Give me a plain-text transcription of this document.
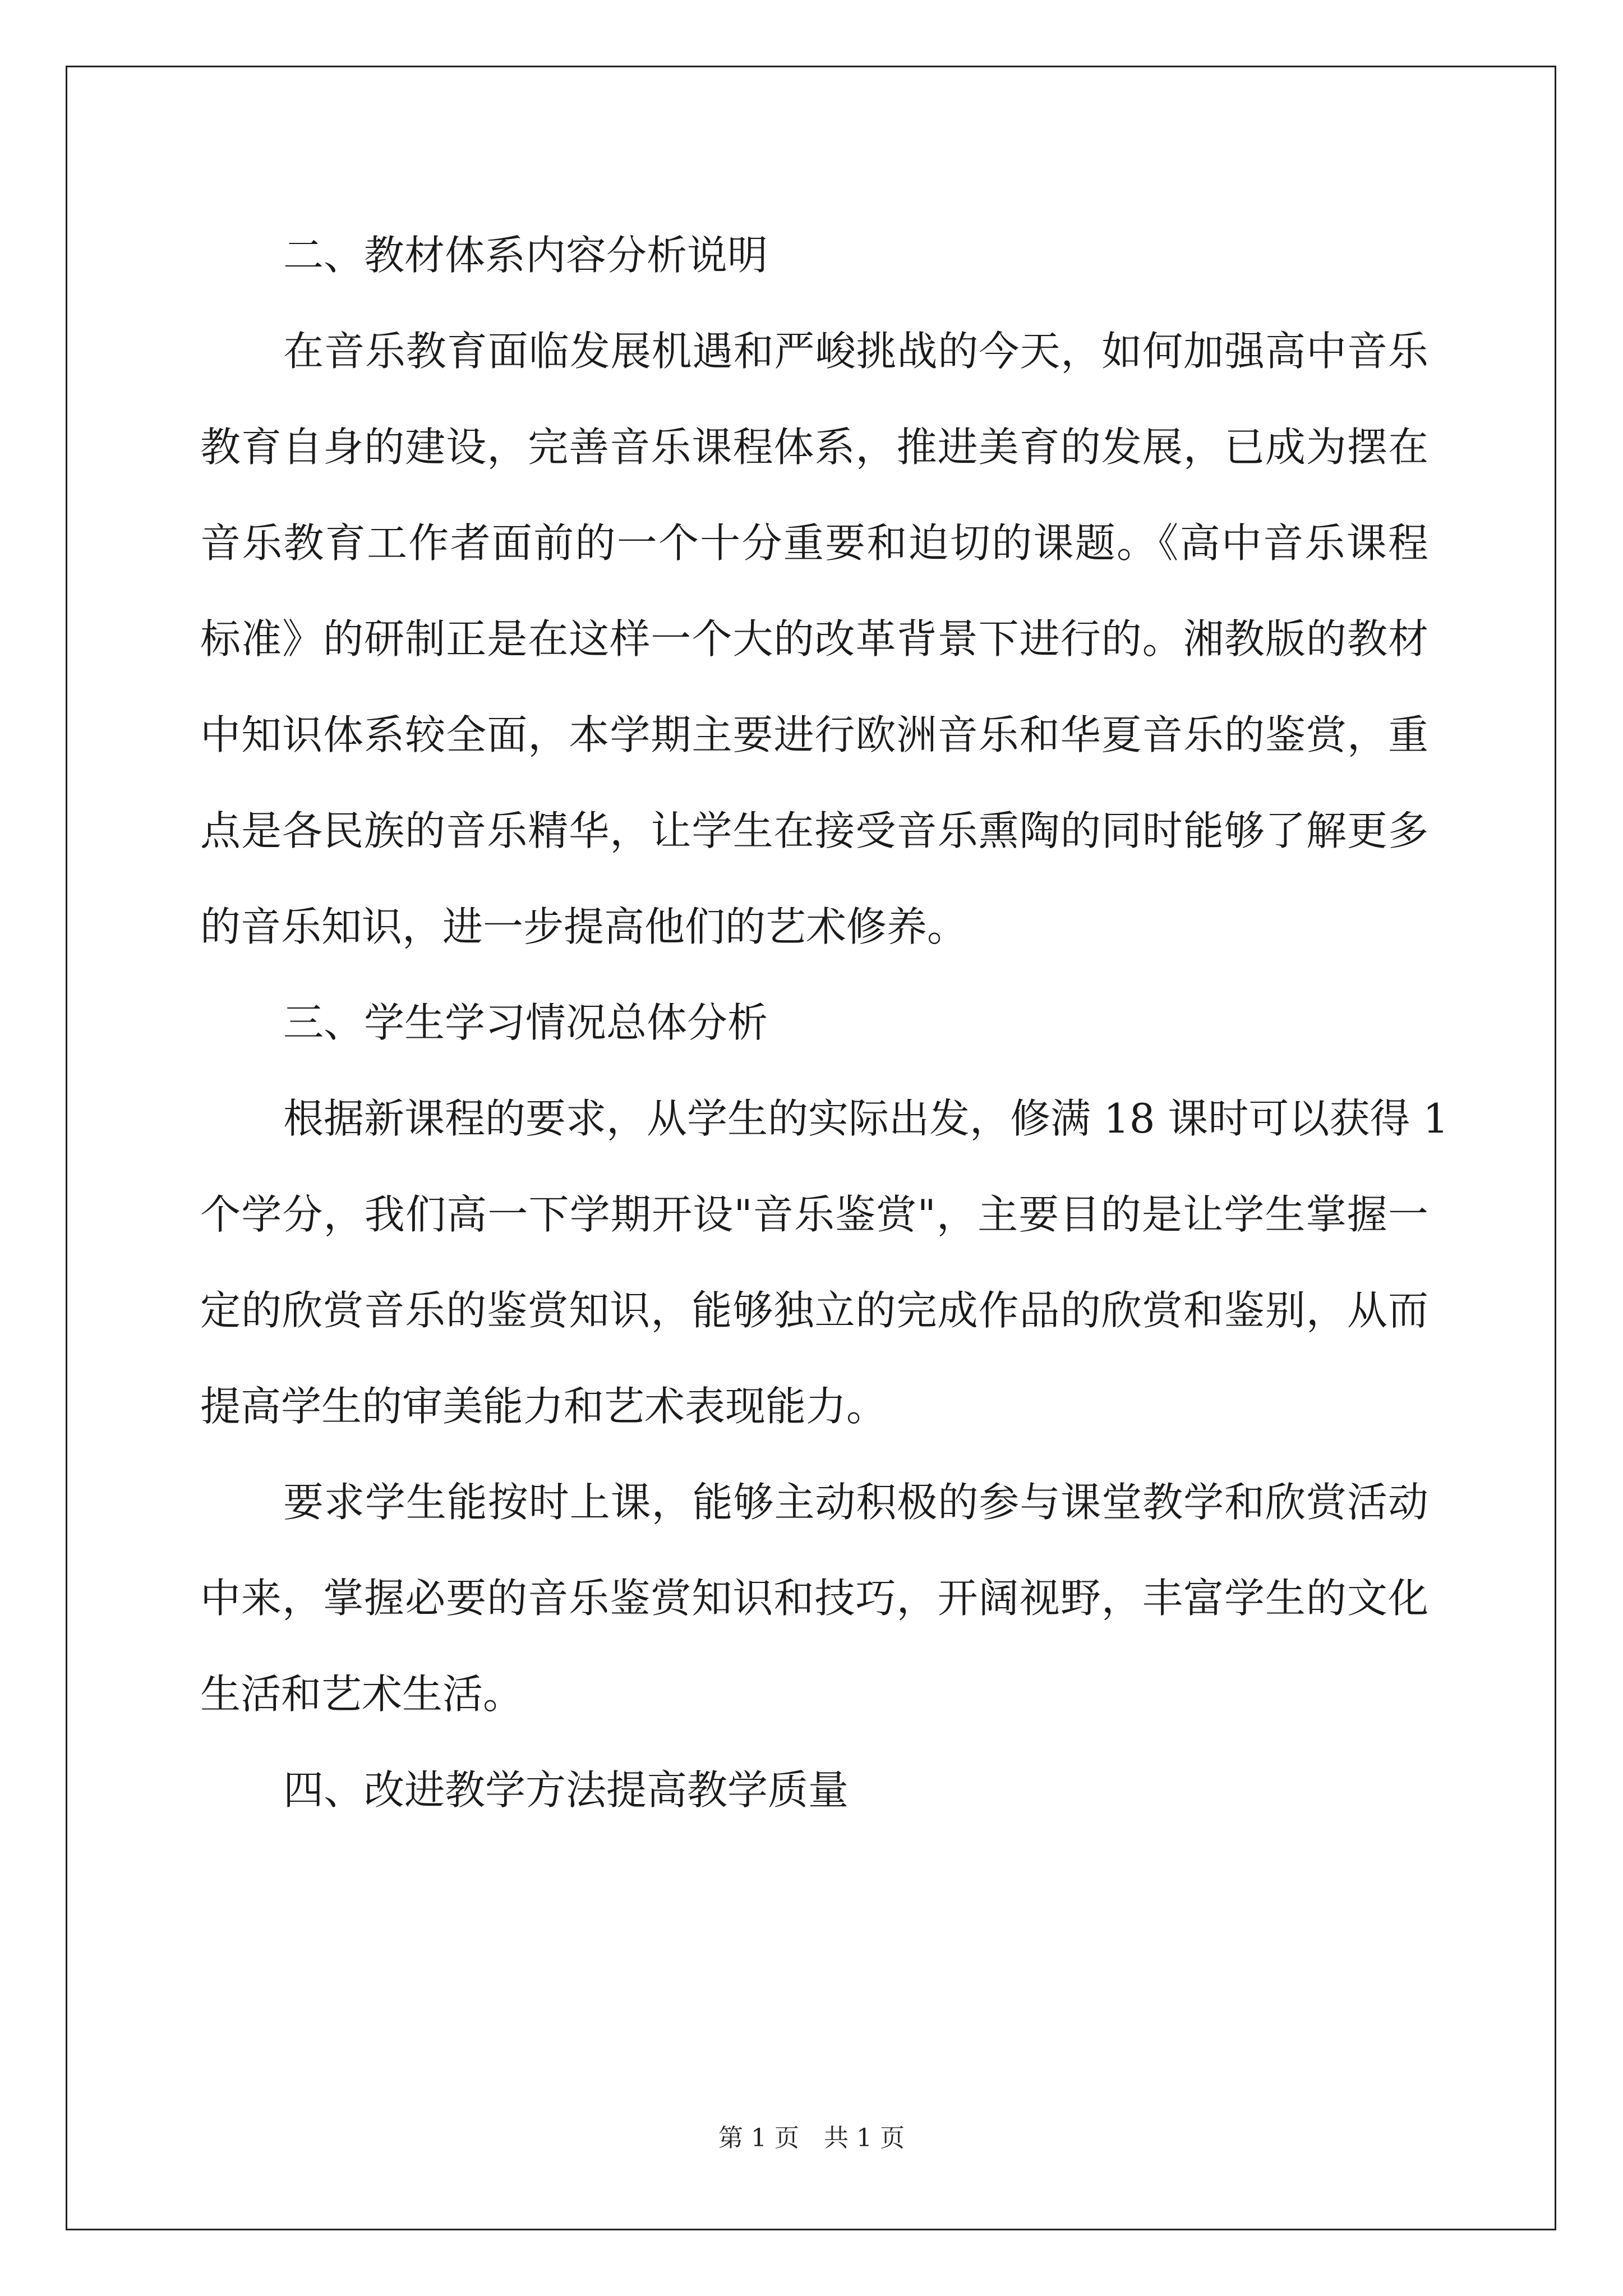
二、教材体系内容分析说明
在音乐教育面临发展机遇和严峻挑战的今天，如何加强高中音乐
教育自身的建设，完善音乐课程体系，推进美育的发展，已成为摆在
音乐教育工作者面前的一个十分重要和迫切的课题。《高中音乐课程
标准》的研制正是在这样一个大的改革背景下进行的。湘教版的教材
中知识体系较全面，本学期主要进行欧洲音乐和华夏音乐的鉴赏，重
点是各民族的音乐精华，让学生在接受音乐熏陶的同时能够了解更多
的音乐知识，进一步提高他们的艺术修养。
三、学生学习情况总体分析
根据新课程的要求，从学生的实际出发，修满 18 课时可以获得 1
个学分，我们高一下学期开设"音乐鉴赏"，主要目的是让学生掌握一
定的欣赏音乐的鉴赏知识，能够独立的完成作品的欣赏和鉴别，从而
提高学生的审美能力和艺术表现能力。
要求学生能按时上课，能够主动积极的参与课堂教学和欣赏活动
中来，掌握必要的音乐鉴赏知识和技巧，开阔视野，丰富学生的文化
生活和艺术生活。
四、改进教学方法提高教学质量
第 1 页　共 1 页
